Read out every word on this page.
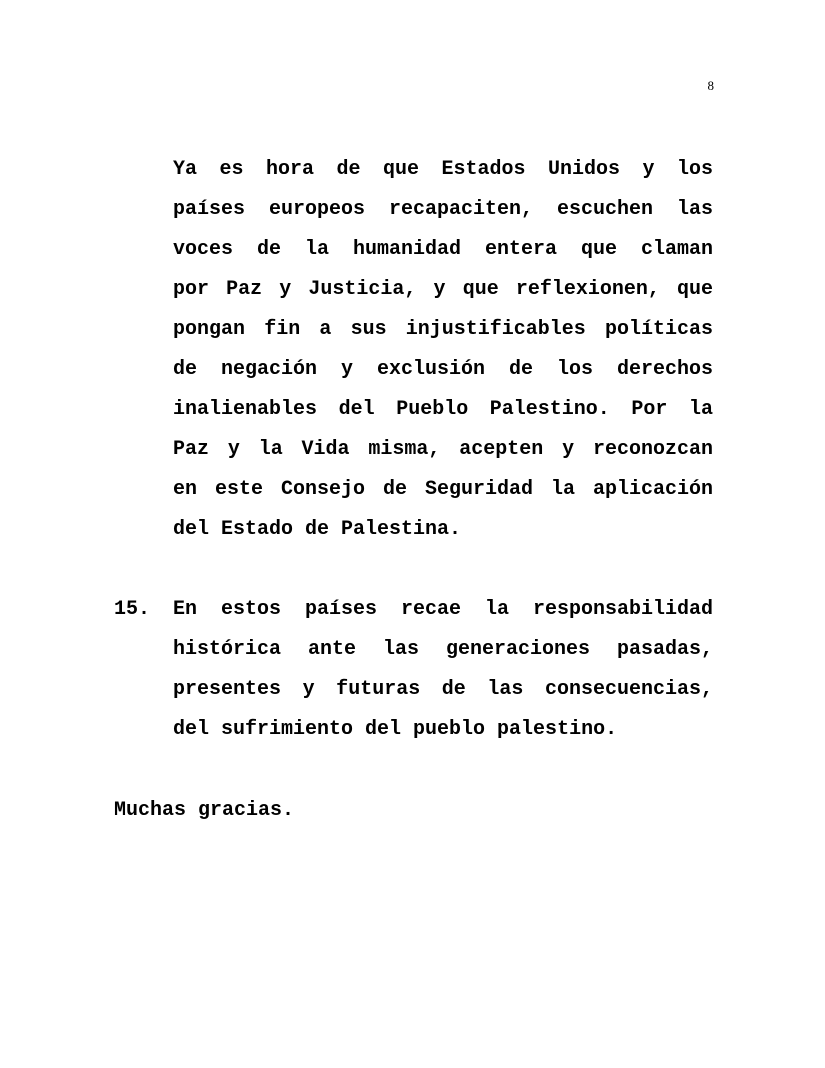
8
Ya es hora de que Estados Unidos y los
países europeos recapaciten, escuchen las
voces de la humanidad entera que claman
por Paz y Justicia, y que reflexionen, que
pongan fin a sus injustificables políticas
de negación y exclusión de los derechos
inalienables del Pueblo Palestino. Por la
Paz y la Vida misma, acepten y reconozcan
en este Consejo de Seguridad la aplicación
del Estado de Palestina.
15. En estos países recae la responsabilidad
histórica ante las generaciones pasadas,
presentes y futuras de las consecuencias,
del sufrimiento del pueblo palestino.
Muchas gracias.
